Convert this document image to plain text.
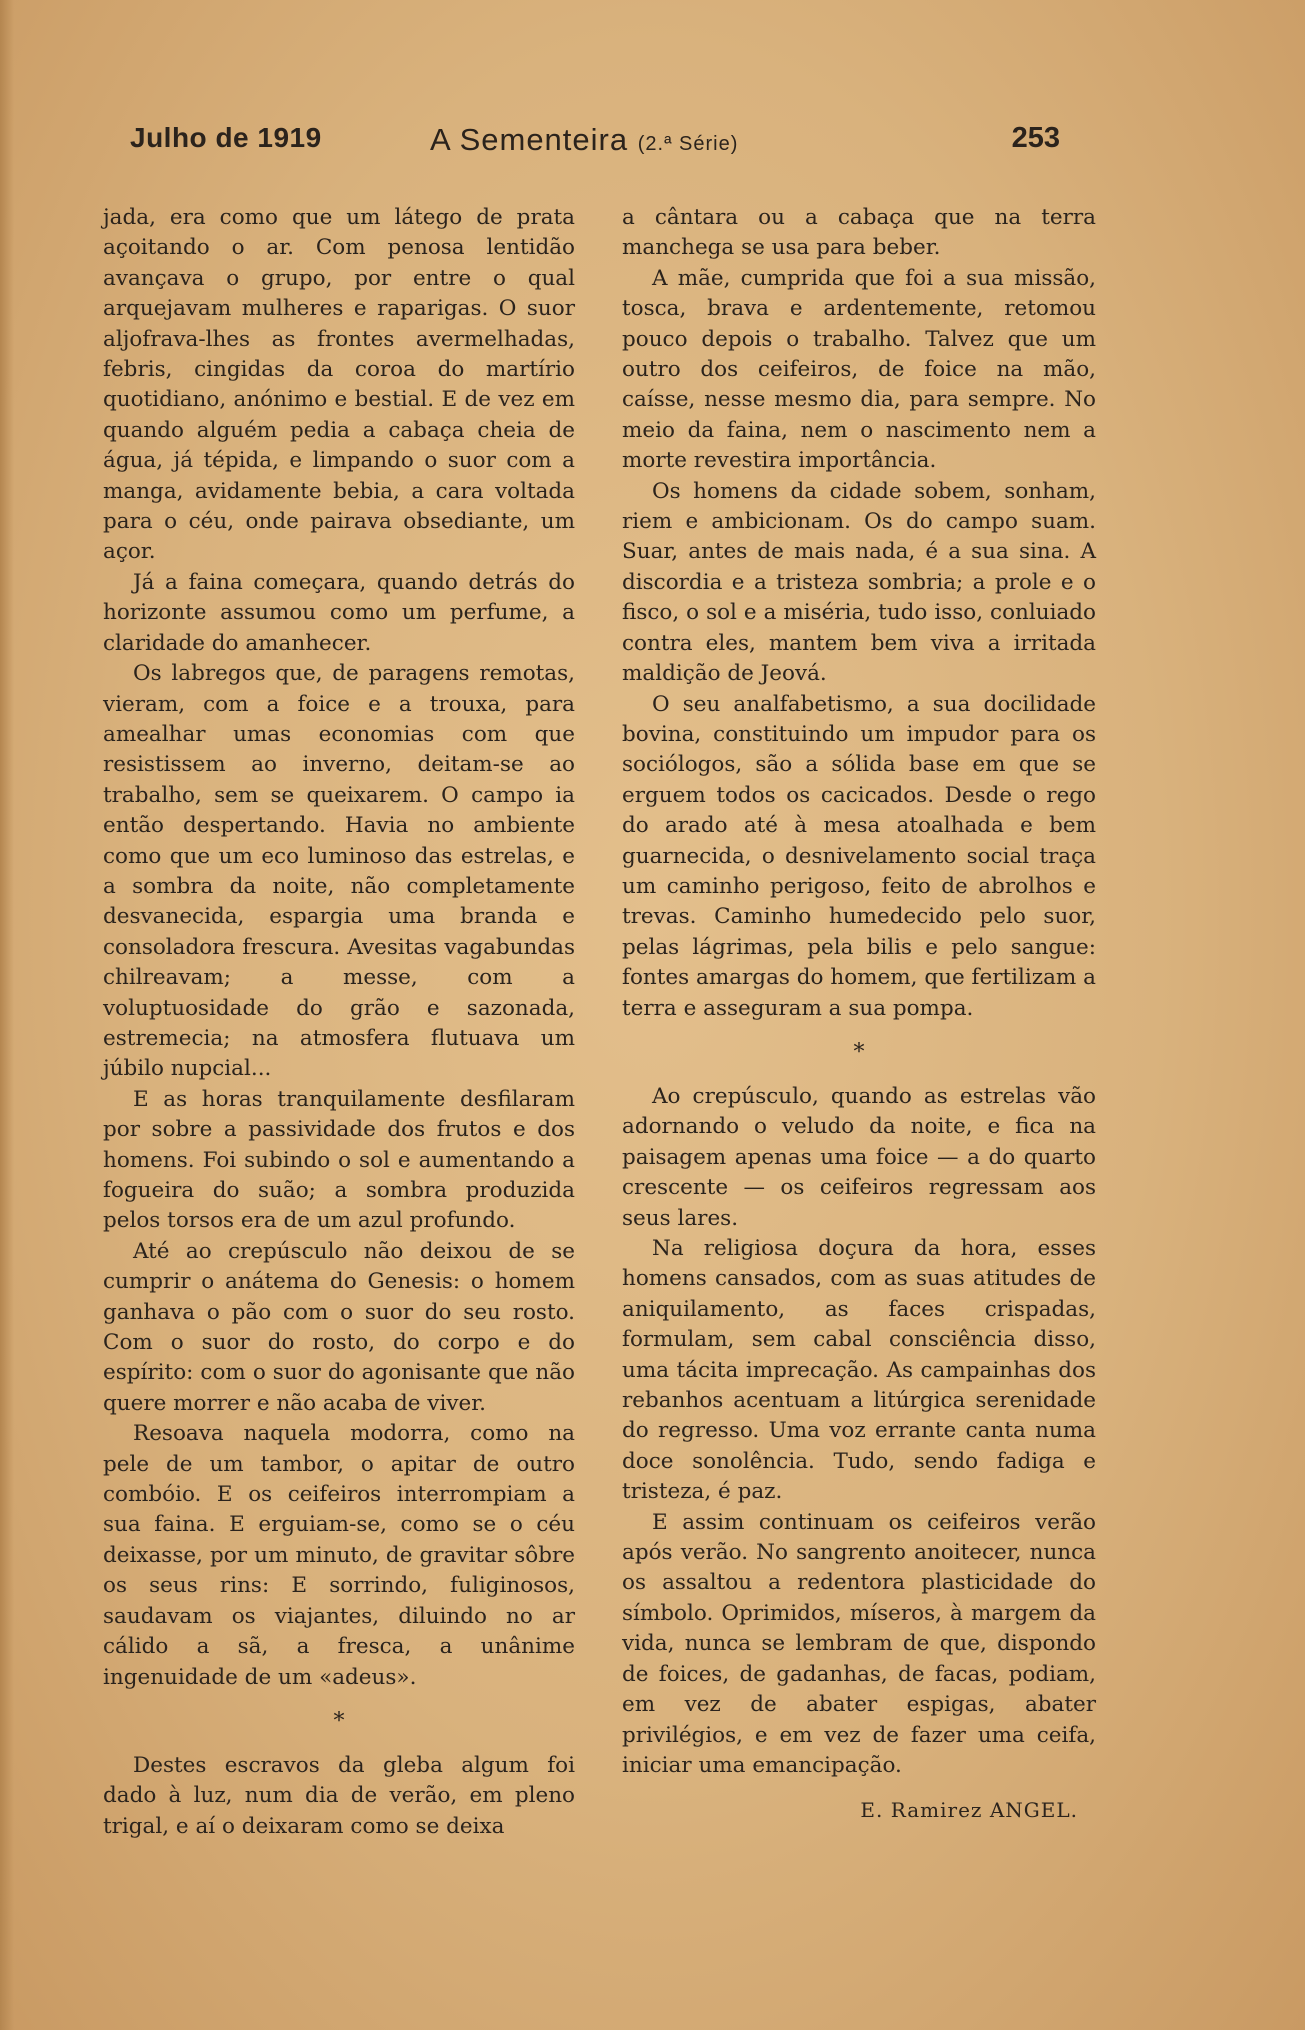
Julho de 1919	A Sementeira (2.ª Série)	253

jada, era como que um látego de prata açoitando o ar. Com penosa lentidão avançava o grupo, por entre o qual arquejavam mulheres e raparigas. O suor aljofrava-lhes as frontes avermelhadas, febris, cingidas da coroa do martírio quotidiano, anónimo e bestial. E de vez em quando alguém pedia a cabaça cheia de água, já tépida, e limpando o suor com a manga, avidamente bebia, a cara voltada para o céu, onde pairava obsediante, um açor.

Já a faina começara, quando detrás do horizonte assumou como um perfume, a claridade do amanhecer.

Os labregos que, de paragens remotas, vieram, com a foice e a trouxa, para amealhar umas economias com que resistissem ao inverno, deitam-se ao trabalho, sem se queixarem. O campo ia então despertando. Havia no ambiente como que um eco luminoso das estrelas, e a sombra da noite, não completamente desvanecida, espargia uma branda e consoladora frescura. Avesitas vagabundas chilreavam; a messe, com a voluptuosidade do grão e sazonada, estremecia; na atmosfera flutuava um júbilo nupcial...

E as horas tranquilamente desfilaram por sobre a passividade dos frutos e dos homens. Foi subindo o sol e aumentando a fogueira do suão; a sombra produzida pelos torsos era de um azul profundo.

Até ao crepúsculo não deixou de se cumprir o anátema do Genesis: o homem ganhava o pão com o suor do seu rosto. Com o suor do rosto, do corpo e do espírito: com o suor do agonisante que não quere morrer e não acaba de viver.

Resoava naquela modorra, como na pele de um tambor, o apitar de outro combóio. E os ceifeiros interrompiam a sua faina. E erguiam-se, como se o céu deixasse, por um minuto, de gravitar sôbre os seus rins: E sorrindo, fuliginosos, saudavam os viajantes, diluindo no ar cálido a sã, a fresca, a unânime ingenuidade de um «adeus».

*

Destes escravos da gleba algum foi dado à luz, num dia de verão, em pleno trigal, e aí o deixaram como se deixa

a cântara ou a cabaça que na terra manchega se usa para beber.

A mãe, cumprida que foi a sua missão, tosca, brava e ardentemente, retomou pouco depois o trabalho. Talvez que um outro dos ceifeiros, de foice na mão, caísse, nesse mesmo dia, para sempre. No meio da faina, nem o nascimento nem a morte revestira importância.

Os homens da cidade sobem, sonham, riem e ambicionam. Os do campo suam. Suar, antes de mais nada, é a sua sina. A discordia e a tristeza sombria; a prole e o fisco, o sol e a miséria, tudo isso, conluiado contra eles, mantem bem viva a irritada maldição de Jeová.

O seu analfabetismo, a sua docilidade bovina, constituindo um impudor para os sociólogos, são a sólida base em que se erguem todos os cacicados. Desde o rego do arado até à mesa atoalhada e bem guarnecida, o desnivelamento social traça um caminho perigoso, feito de abrolhos e trevas. Caminho humedecido pelo suor, pelas lágrimas, pela bilis e pelo sangue: fontes amargas do homem, que fertilizam a terra e asseguram a sua pompa.

*

Ao crepúsculo, quando as estrelas vão adornando o veludo da noite, e fica na paisagem apenas uma foice — a do quarto crescente — os ceifeiros regressam aos seus lares.

Na religiosa doçura da hora, esses homens cansados, com as suas atitudes de aniquilamento, as faces crispadas, formulam, sem cabal consciência disso, uma tácita imprecação. As campainhas dos rebanhos acentuam a litúrgica serenidade do regresso. Uma voz errante canta numa doce sonolência. Tudo, sendo fadiga e tristeza, é paz.

E assim continuam os ceifeiros verão após verão. No sangrento anoitecer, nunca os assaltou a redentora plasticidade do símbolo. Oprimidos, míseros, à margem da vida, nunca se lembram de que, dispondo de foices, de gadanhas, de facas, podiam, em vez de abater espigas, abater privilégios, e em vez de fazer uma ceifa, iniciar uma emancipação.

E. Ramirez ANGEL.
